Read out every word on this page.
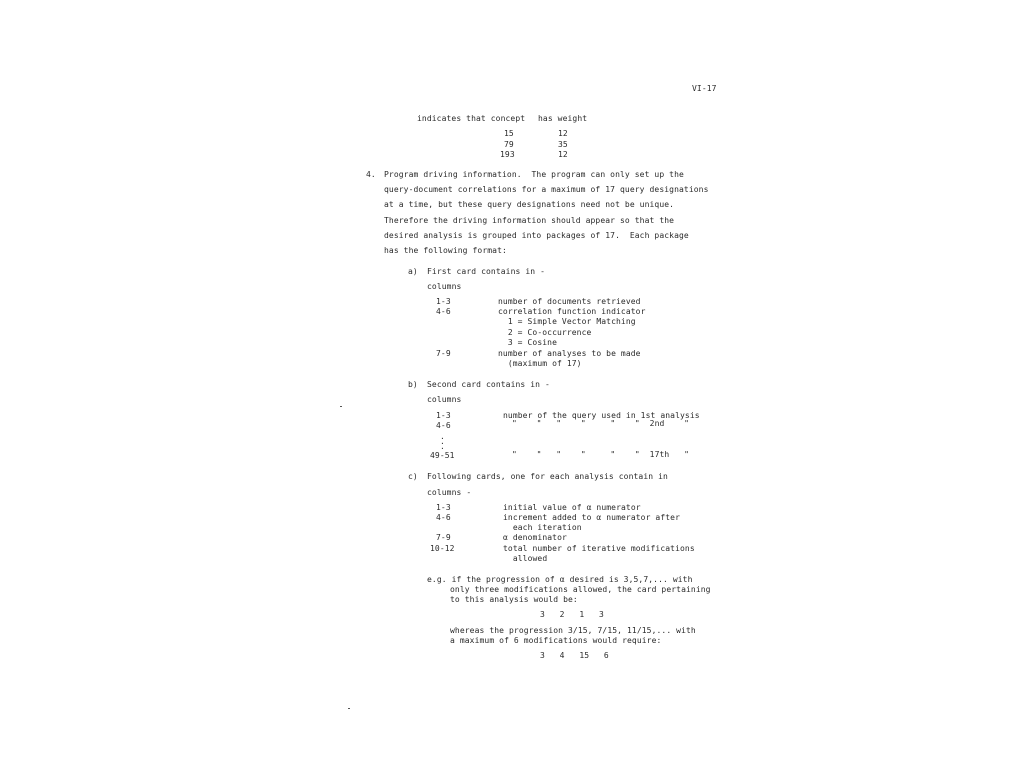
VI-17
indicates that concept has weight
15	12
79	35
193	12
4. Program driving information.  The program can only set up the
query-document correlations for a maximum of 17 query designations
at a time, but these query designations need not be unique.
Therefore the driving information should appear so that the
desired analysis is grouped into packages of 17.  Each package
has the following format:
a) First card contains in -
columns
1-3	number of documents retrieved
4-6	correlation function indicator
1 = Simple Vector Matching
2 = Co-occurrence
3 = Cosine
7-9	number of analyses to be made
(maximum of 17)
b) Second card contains in -
columns
1-3	number of the query used in 1st analysis
4-6	"    "   "    "     "    "  2nd    "
.
.
.
49-51	"    "   "    "     "    "  17th   "
c) Following cards, one for each analysis contain in
columns -
1-3	initial value of α numerator
4-6	increment added to α numerator after
each iteration
7-9	α denominator
10-12	total number of iterative modifications
allowed
e.g. if the progression of α desired is 3,5,7,... with
only three modifications allowed, the card pertaining
to this analysis would be:
3   2   1   3
whereas the progression 3/15, 7/15, 11/15,... with
a maximum of 6 modifications would require:
3   4   15   6
